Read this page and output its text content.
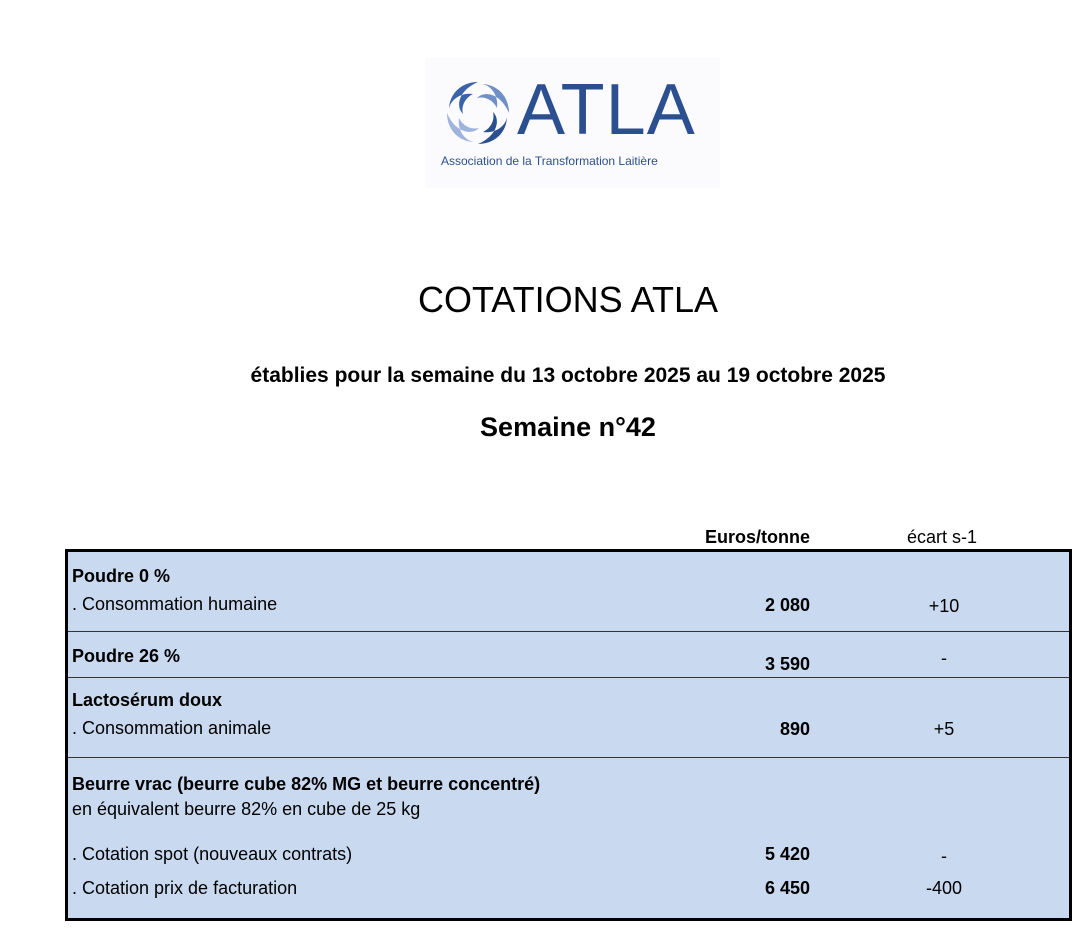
ATLA
Association de la Transformation Laitière
COTATIONS ATLA
établies pour la semaine du 13 octobre 2025 au 19 octobre 2025
Semaine n°42
Euros/tonne	écart s-1
Poudre 0 %
. Consommation humaine	2 080	+10
Poudre 26 %	3 590	-
Lactosérum doux
. Consommation animale	890	+5
Beurre vrac (beurre cube 82% MG et beurre concentré)
en équivalent beurre 82% en cube de 25 kg
. Cotation spot (nouveaux contrats)	5 420	-
. Cotation prix de facturation	6 450	-400
